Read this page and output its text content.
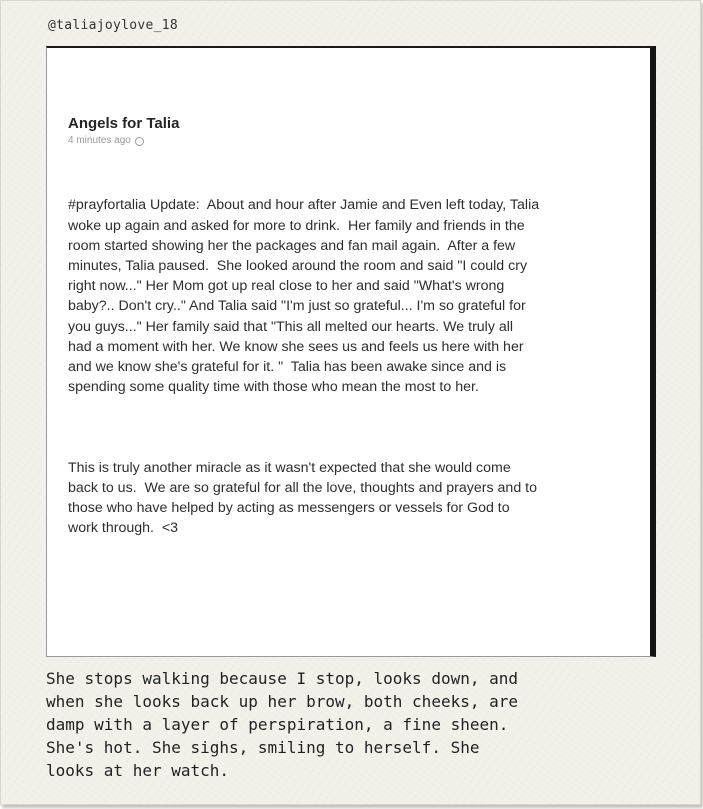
@taliajoylove_18
Angels for Talia
4 minutes ago

#prayfortalia Update:  About and hour after Jamie and Even left today, Talia
woke up again and asked for more to drink.  Her family and friends in the
room started showing her the packages and fan mail again.  After a few
minutes, Talia paused.  She looked around the room and said "I could cry
right now..." Her Mom got up real close to her and said "What's wrong
baby?.. Don't cry.." And Talia said "I'm just so grateful... I'm so grateful for
you guys..." Her family said that "This all melted our hearts. We truly all
had a moment with her. We know she sees us and feels us here with her
and we know she's grateful for it. "  Talia has been awake since and is
spending some quality time with those who mean the most to her.

This is truly another miracle as it wasn't expected that she would come
back to us.  We are so grateful for all the love, thoughts and prayers and to
those who have helped by acting as messengers or vessels for God to
work through.  <3

She stops walking because I stop, looks down, and
when she looks back up her brow, both cheeks, are
damp with a layer of perspiration, a fine sheen.
She's hot. She sighs, smiling to herself. She
looks at her watch.
